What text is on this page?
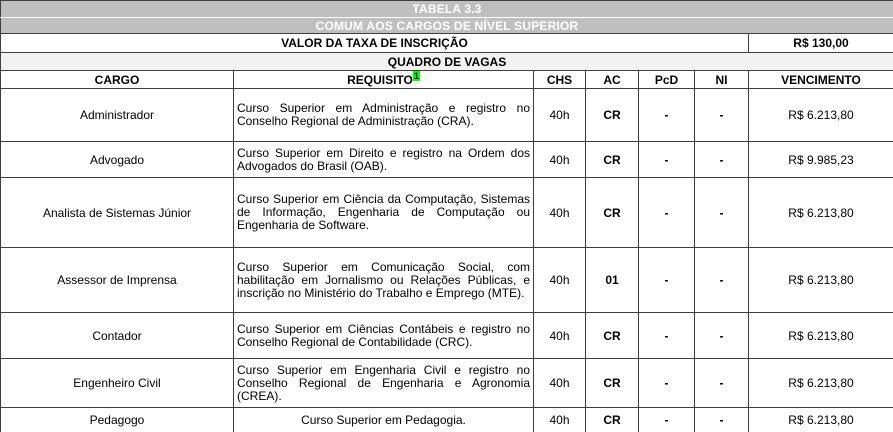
TABELA 3.3						
COMUM AOS CARGOS DE NÍVEL SUPERIOR						
VALOR DA TAXA DE INSCRIÇÃO						R$ 130,00
QUADRO DE VAGAS						
CARGO	REQUISITO$^1$	CHS	AC	PcD	NI	VENCIMENTO
Administrador	Curso Superior em Administração e registro no Conselho Regional de Administração (CRA).	40h	CR	-	-	R$ 6.213,80
Advogado	Curso Superior em Direito e registro na Ordem dos Advogados do Brasil (OAB).	40h	CR	-	-	R$ 9.985,23
Analista de Sistemas Júnior	Curso Superior em Ciência da Computação, Sistemas de Informação, Engenharia de Computação ou Engenharia de Software.	40h	CR	-	-	R$ 6.213,80
Assessor de Imprensa	Curso Superior em Comunicação Social, com habilitação em Jornalismo ou Relações Públicas, e inscrição no Ministério do Trabalho e Emprego (MTE).	40h	01	-	-	R$ 6.213,80
Contador	Curso Superior em Ciências Contábeis e registro no Conselho Regional de Contabilidade (CRC).	40h	CR	-	-	R$ 6.213,80
Engenheiro Civil	Curso Superior em Engenharia Civil e registro no Conselho Regional de Engenharia e Agronomia (CREA).	40h	CR	-	-	R$ 6.213,80
Pedagogo	Curso Superior em Pedagogia.	40h	CR	-	-	R$ 6.213,80
